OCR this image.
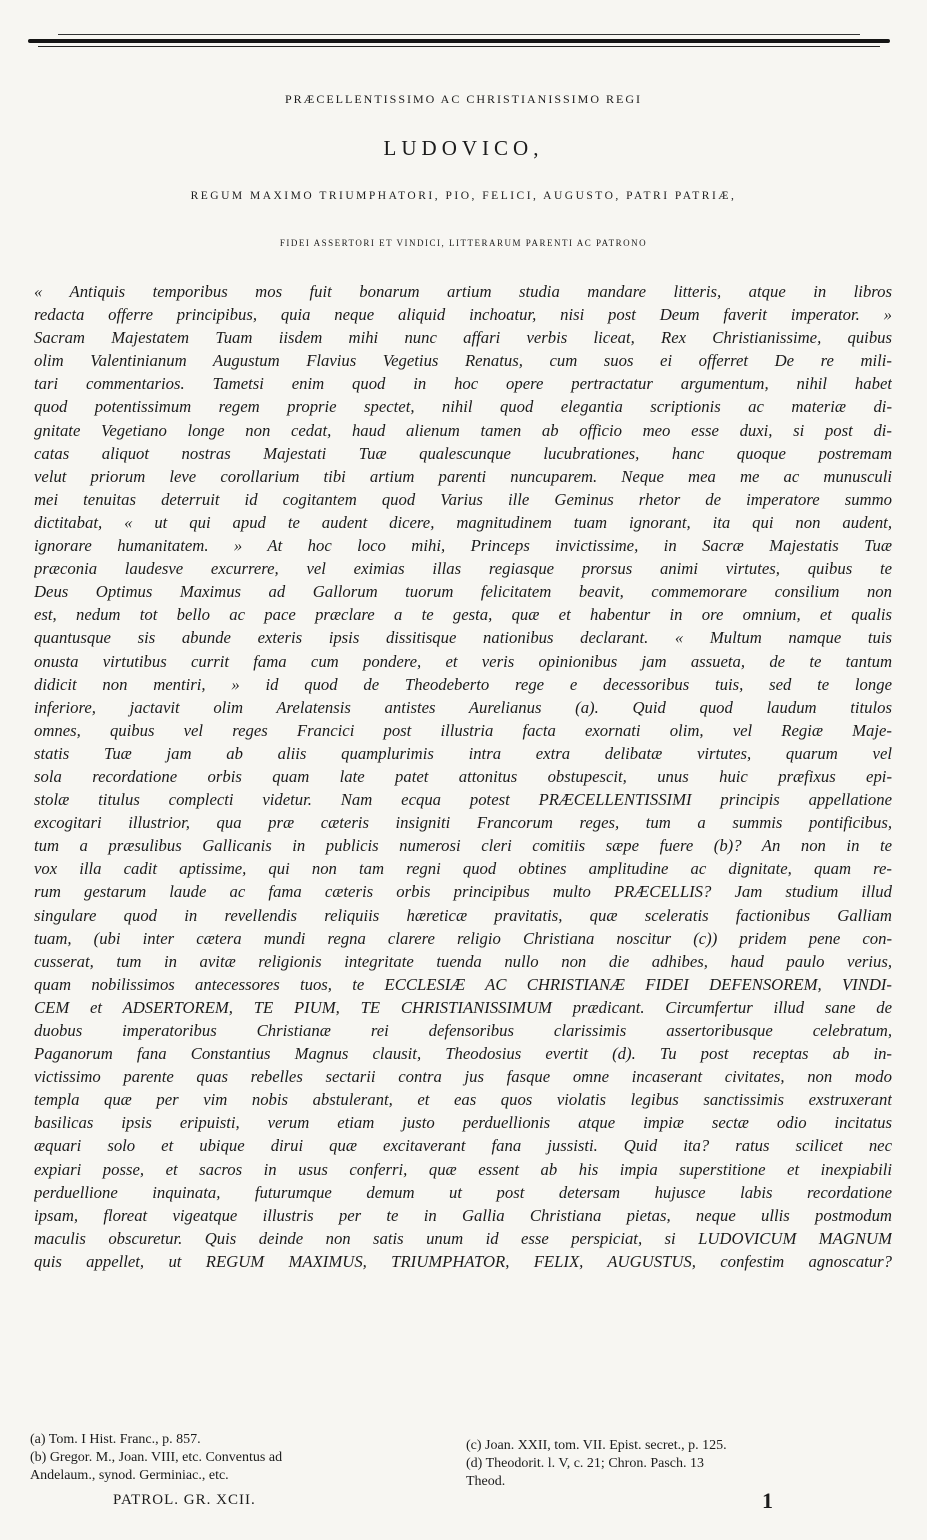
PRÆCELLENTISSIMO AC CHRISTIANISSIMO REGI
LUDOVICO,
REGUM MAXIMO TRIUMPHATORI, PIO, FELICI, AUGUSTO, PATRI PATRIÆ,
FIDEI ASSERTORI ET VINDICI, LITTERARUM PARENTI AC PATRONO
« Antiquis temporibus mos fuit bonarum artium studia mandare litteris, atque in libros
redacta offerre principibus, quia neque aliquid inchoatur, nisi post Deum faverit imperator. »
Sacram Majestatem Tuam iisdem mihi nunc affari verbis liceat, Rex Christianissime, quibus
olim Valentinianum Augustum Flavius Vegetius Renatus, cum suos ei offerret De re mili-
tari commentarios. Tametsi enim quod in hoc opere pertractatur argumentum, nihil habet
quod potentissimum regem proprie spectet, nihil quod elegantia scriptionis ac materiæ di-
gnitate Vegetiano longe non cedat, haud alienum tamen ab officio meo esse duxi, si post di-
catas aliquot nostras Majestati Tuæ qualescunque lucubrationes, hanc quoque postremam
velut priorum leve corollarium tibi artium parenti nuncuparem. Neque mea me ac munusculi
mei tenuitas deterruit id cogitantem quod Varius ille Geminus rhetor de imperatore summo
dictitabat, « ut qui apud te audent dicere, magnitudinem tuam ignorant, ita qui non audent,
ignorare humanitatem. » At hoc loco mihi, Princeps invictissime, in Sacræ Majestatis Tuæ
præconia laudesve excurrere, vel eximias illas regiasque prorsus animi virtutes, quibus te
Deus Optimus Maximus ad Gallorum tuorum felicitatem beavit, commemorare consilium non
est, nedum tot bello ac pace præclare a te gesta, quæ et habentur in ore omnium, et qualis
quantusque sis abunde exteris ipsis dissitisque nationibus declarant. « Multum namque tuis
onusta virtutibus currit fama cum pondere, et veris opinionibus jam assueta, de te tantum
didicit non mentiri, » id quod de Theodeberto rege e decessoribus tuis, sed te longe
inferiore, jactavit olim Arelatensis antistes Aurelianus (a). Quid quod laudum titulos
omnes, quibus vel reges Francici post illustria facta exornati olim, vel Regiæ Maje-
statis Tuæ jam ab aliis quamplurimis intra extra delibatæ virtutes, quarum vel
sola recordatione orbis quam late patet attonitus obstupescit, unus huic præfixus epi-
stolæ titulus complecti videtur. Nam ecqua potest PRÆCELLENTISSIMI principis appellatione
excogitari illustrior, qua præ cæteris insigniti Francorum reges, tum a summis pontificibus,
tum a præsulibus Gallicanis in publicis numerosi cleri comitiis sæpe fuere (b)? An non in te
vox illa cadit aptissime, qui non tam regni quod obtines amplitudine ac dignitate, quam re-
rum gestarum laude ac fama cæteris orbis principibus multo PRÆCELLIS? Jam studium illud
singulare quod in revellendis reliquiis hæreticæ pravitatis, quæ sceleratis factionibus Galliam
tuam, (ubi inter cætera mundi regna clarere religio Christiana noscitur (c)) pridem pene con-
cusserat, tum in avitæ religionis integritate tuenda nullo non die adhibes, haud paulo verius,
quam nobilissimos antecessores tuos, te ECCLESIÆ AC CHRISTIANÆ FIDEI DEFENSOREM, VINDI-
CEM et ADSERTOREM, TE PIUM, TE CHRISTIANISSIMUM prædicant. Circumfertur illud sane de
duobus imperatoribus Christianæ rei defensoribus clarissimis assertoribusque celebratum,
Paganorum fana Constantius Magnus clausit, Theodosius evertit (d). Tu post receptas ab in-
victissimo parente quas rebelles sectarii contra jus fasque omne incaserant civitates, non modo
templa quæ per vim nobis abstulerant, et eas quos violatis legibus sanctissimis exstruxerant
basilicas ipsis eripuisti, verum etiam justo perduellionis atque impiæ sectæ odio incitatus
æquari solo et ubique dirui quæ excitaverant fana jussisti. Quid ita? ratus scilicet nec
expiari posse, et sacros in usus conferri, quæ essent ab his impia superstitione et inexpiabili
perduellione inquinata, futurumque demum ut post detersam hujusce labis recordatione
ipsam, floreat vigeatque illustris per te in Gallia Christiana pietas, neque ullis postmodum
maculis obscuretur. Quis deinde non satis unum id esse perspiciat, si LUDOVICUM MAGNUM
quis appellet, ut REGUM MAXIMUS, TRIUMPHATOR, FELIX, AUGUSTUS, confestim agnoscatur?
(a) Tom. I Hist. Franc., p. 857.
(b) Gregor. M., Joan. VIII, etc. Conventus ad
Andelaum., synod. Germiniac., etc.
(c) Joan. XXII, tom. VII. Epist. secret., p. 125.
(d) Theodorit. l. V, c. 21; Chron. Pasch. 13
Theod.
PATROL. GR. XCII.	1
